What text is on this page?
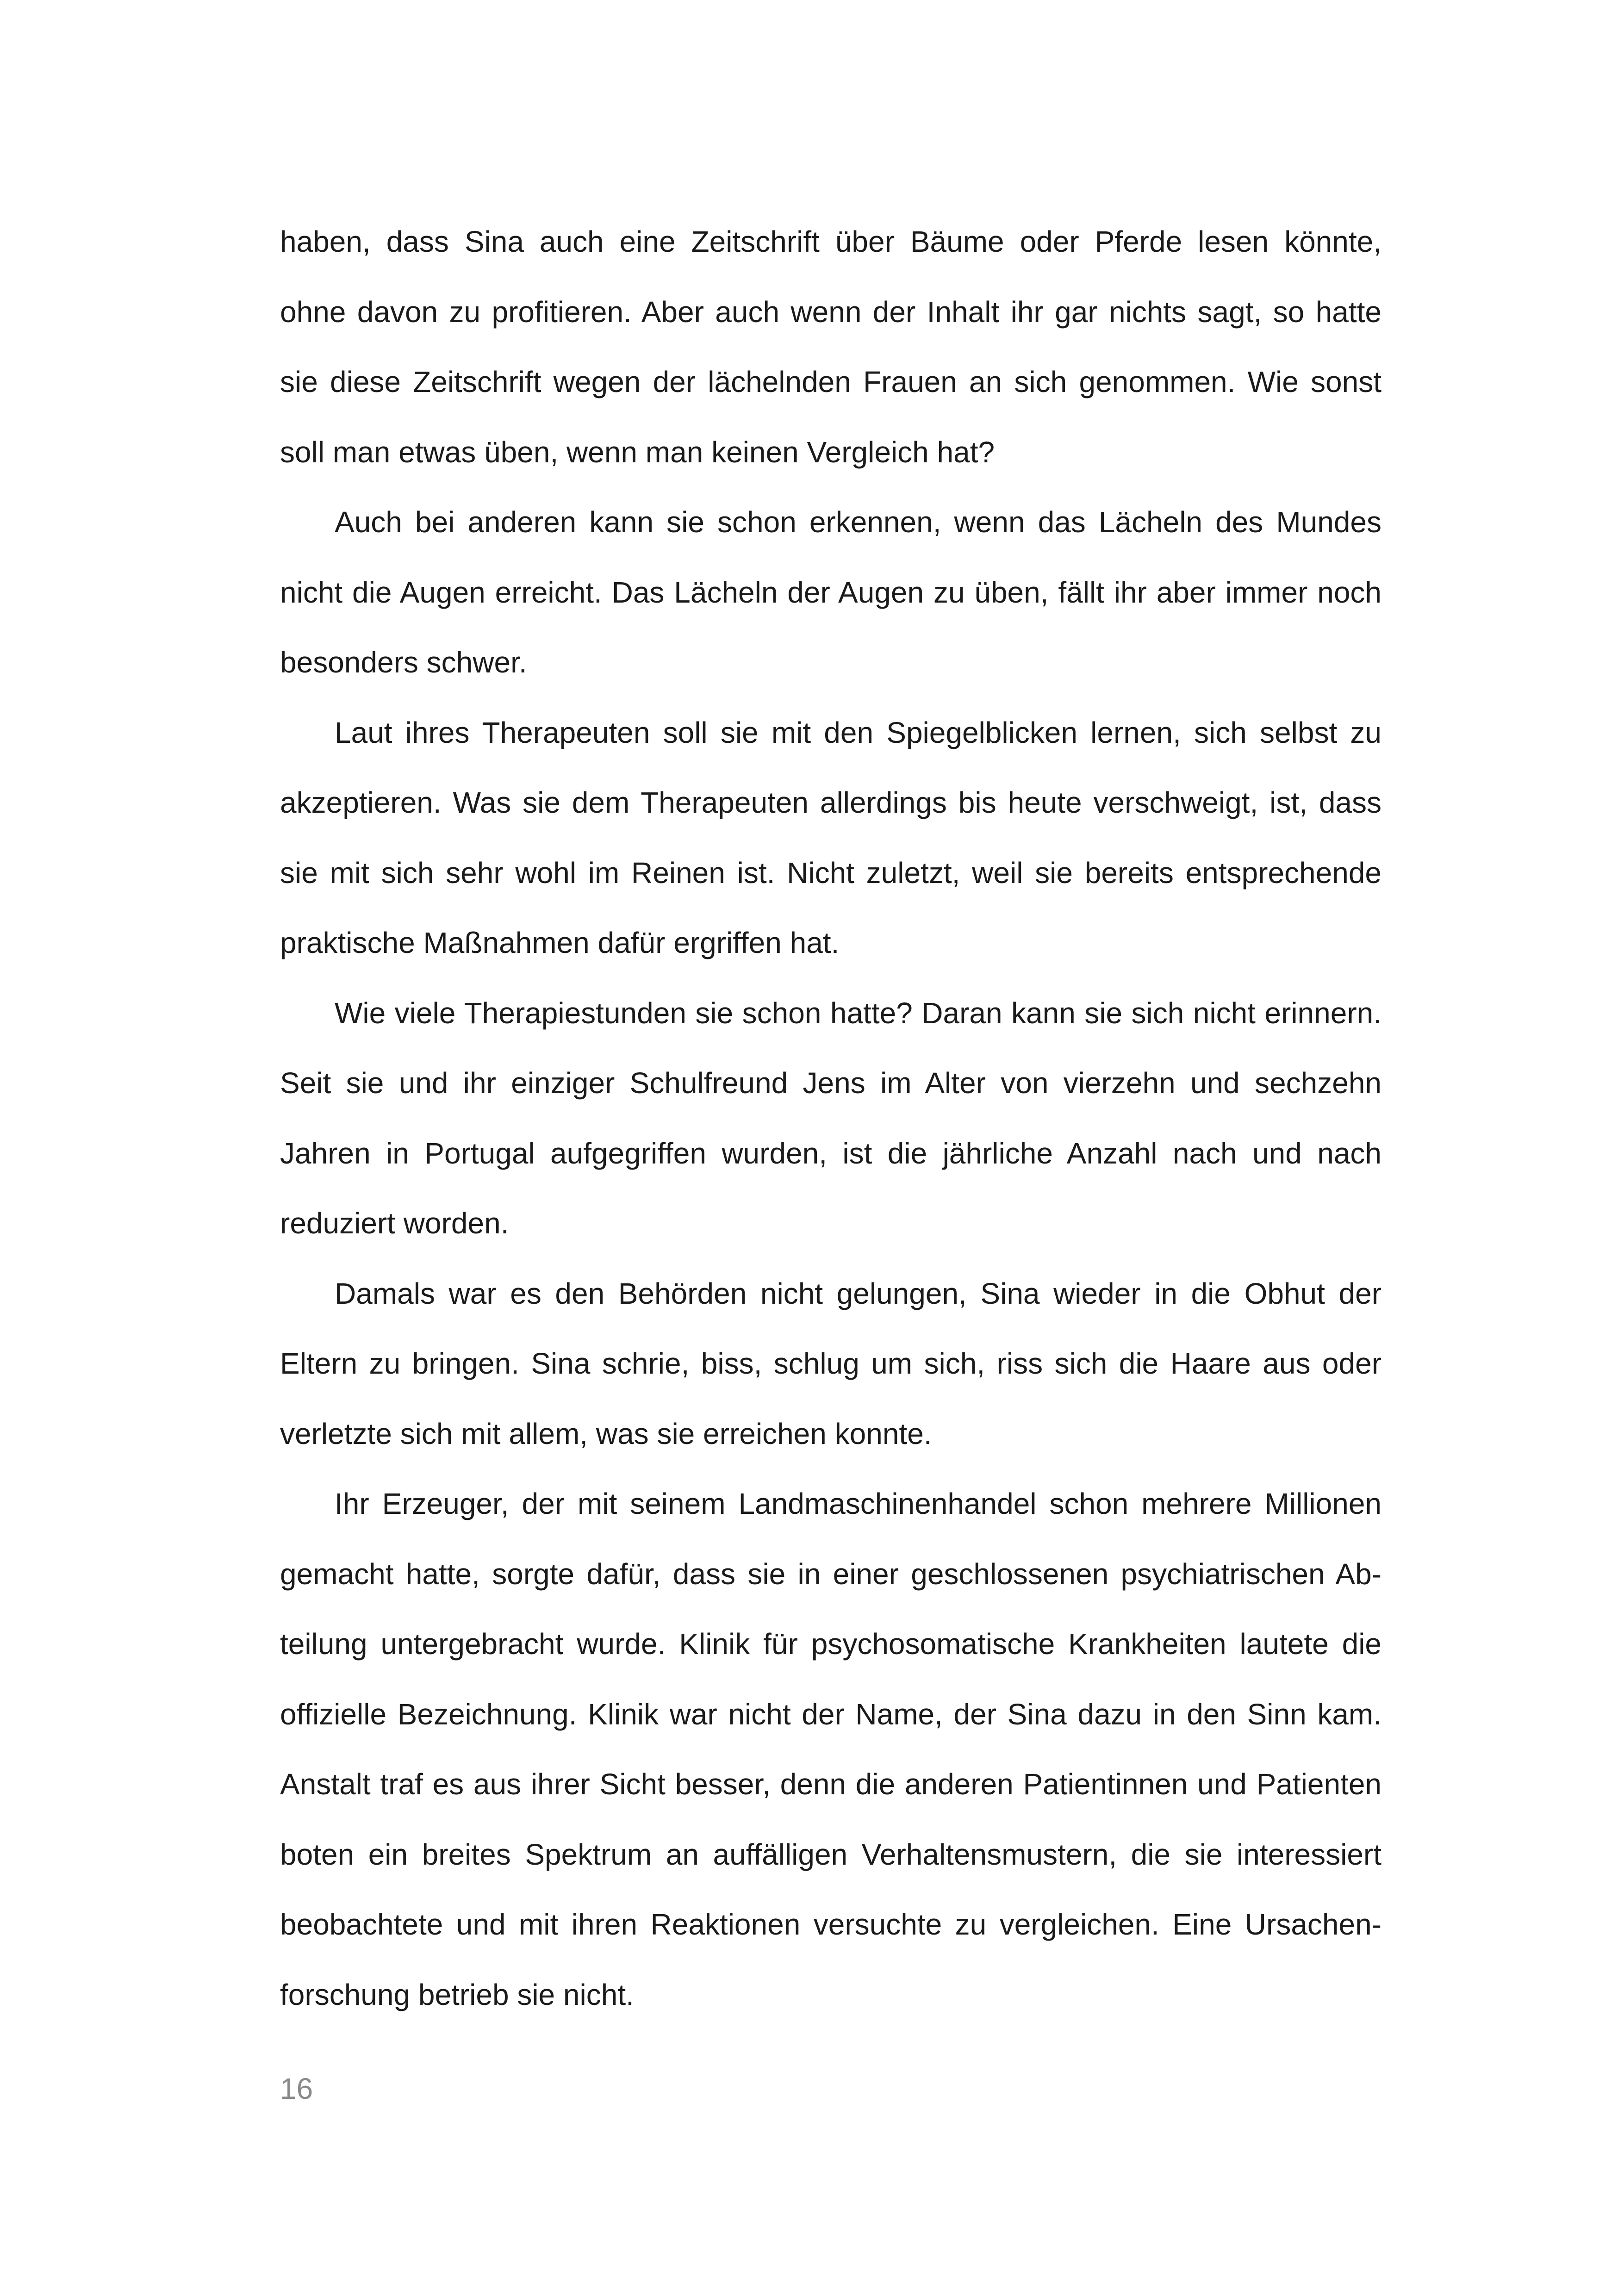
haben, dass Sina auch eine Zeitschrift über Bäume oder Pferde lesen könnte,
ohne davon zu profitieren. Aber auch wenn der Inhalt ihr gar nichts sagt, so hatte
sie diese Zeitschrift wegen der lächelnden Frauen an sich genommen. Wie sonst
soll man etwas üben, wenn man keinen Vergleich hat?

Auch bei anderen kann sie schon erkennen, wenn das Lächeln des Mundes
nicht die Augen erreicht. Das Lächeln der Augen zu üben, fällt ihr aber immer noch
besonders schwer.

Laut ihres Therapeuten soll sie mit den Spiegelblicken lernen, sich selbst zu
akzeptieren. Was sie dem Therapeuten allerdings bis heute verschweigt, ist, dass
sie mit sich sehr wohl im Reinen ist. Nicht zuletzt, weil sie bereits entsprechende
praktische Maßnahmen dafür ergriffen hat.

Wie viele Therapiestunden sie schon hatte? Daran kann sie sich nicht erinnern.
Seit sie und ihr einziger Schulfreund Jens im Alter von vierzehn und sechzehn
Jahren in Portugal aufgegriffen wurden, ist die jährliche Anzahl nach und nach
reduziert worden.

Damals war es den Behörden nicht gelungen, Sina wieder in die Obhut der
Eltern zu bringen. Sina schrie, biss, schlug um sich, riss sich die Haare aus oder
verletzte sich mit allem, was sie erreichen konnte.

Ihr Erzeuger, der mit seinem Landmaschinenhandel schon mehrere Millionen
gemacht hatte, sorgte dafür, dass sie in einer geschlossenen psychiatrischen Ab-
teilung untergebracht wurde. Klinik für psychosomatische Krankheiten lautete die
offizielle Bezeichnung. Klinik war nicht der Name, der Sina dazu in den Sinn kam.
Anstalt traf es aus ihrer Sicht besser, denn die anderen Patientinnen und Patienten
boten ein breites Spektrum an auffälligen Verhaltensmustern, die sie interessiert
beobachtete und mit ihren Reaktionen versuchte zu vergleichen. Eine Ursachen-
forschung betrieb sie nicht.

16
